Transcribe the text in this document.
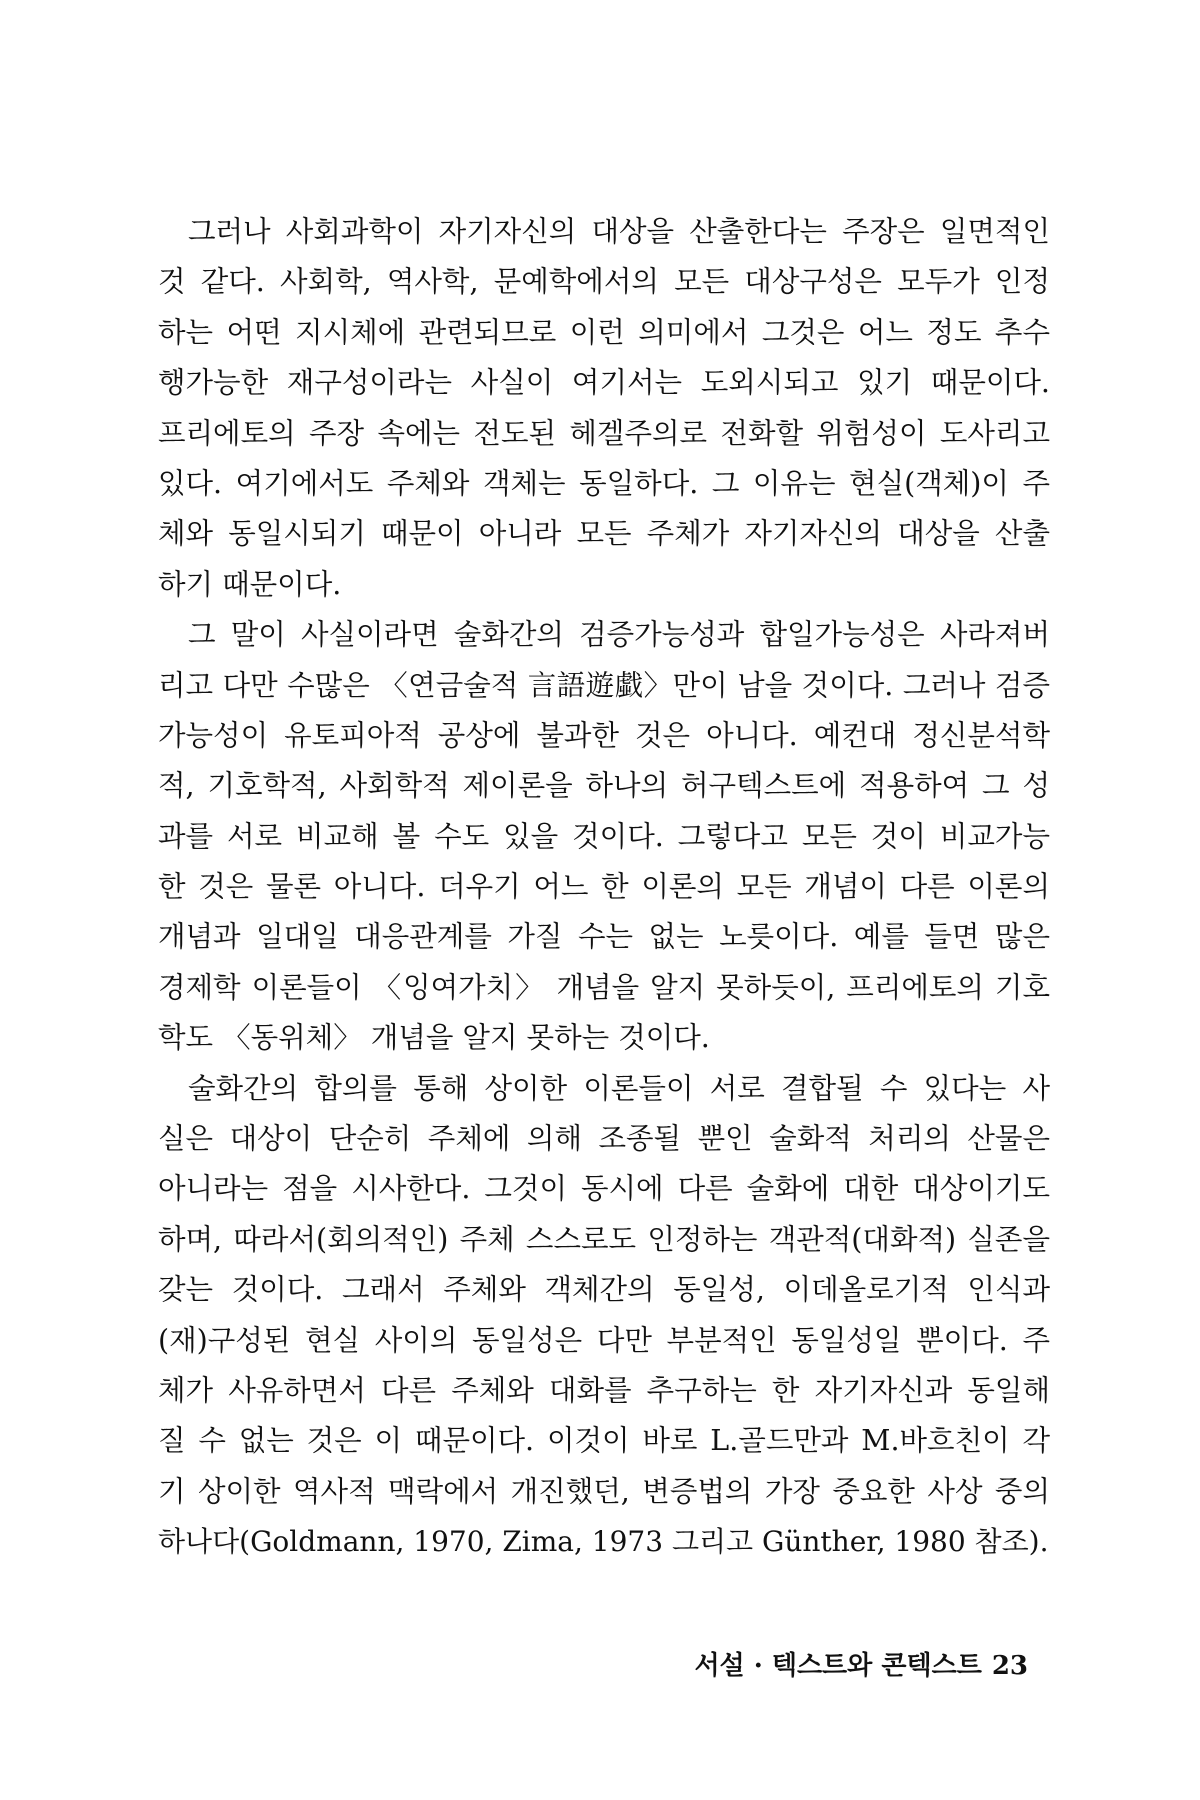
그러나 사회과학이 자기자신의 대상을 산출한다는 주장은 일면적인
것 같다. 사회학, 역사학, 문예학에서의 모든 대상구성은 모두가 인정
하는 어떤 지시체에 관련되므로 이런 의미에서 그것은 어느 정도 추수
행가능한 재구성이라는 사실이 여기서는 도외시되고 있기 때문이다.
프리에토의 주장 속에는 전도된 헤겔주의로 전화할 위험성이 도사리고
있다. 여기에서도 주체와 객체는 동일하다. 그 이유는 현실(객체)이 주
체와 동일시되기 때문이 아니라 모든 주체가 자기자신의 대상을 산출
하기 때문이다.
그 말이 사실이라면 술화간의 검증가능성과 합일가능성은 사라져버
리고 다만 수많은 〈연금술적 言語遊戱〉만이 남을 것이다. 그러나 검증
가능성이 유토피아적 공상에 불과한 것은 아니다. 예컨대 정신분석학
적, 기호학적, 사회학적 제이론을 하나의 허구텍스트에 적용하여 그 성
과를 서로 비교해 볼 수도 있을 것이다. 그렇다고 모든 것이 비교가능
한 것은 물론 아니다. 더우기 어느 한 이론의 모든 개념이 다른 이론의
개념과 일대일 대응관계를 가질 수는 없는 노릇이다. 예를 들면 많은
경제학 이론들이 〈잉여가치〉 개념을 알지 못하듯이, 프리에토의 기호
학도 〈동위체〉 개념을 알지 못하는 것이다.
술화간의 합의를 통해 상이한 이론들이 서로 결합될 수 있다는 사
실은 대상이 단순히 주체에 의해 조종될 뿐인 술화적 처리의 산물은
아니라는 점을 시사한다. 그것이 동시에 다른 술화에 대한 대상이기도
하며, 따라서(회의적인) 주체 스스로도 인정하는 객관적(대화적) 실존을
갖는 것이다. 그래서 주체와 객체간의 동일성, 이데올로기적 인식과
(재)구성된 현실 사이의 동일성은 다만 부분적인 동일성일 뿐이다. 주
체가 사유하면서 다른 주체와 대화를 추구하는 한 자기자신과 동일해
질 수 없는 것은 이 때문이다. 이것이 바로 L.골드만과 M.바흐친이 각
기 상이한 역사적 맥락에서 개진했던, 변증법의 가장 중요한 사상 중의
하나다(Goldmann, 1970, Zima, 1973 그리고 Günther, 1980 참조).
서설 · 텍스트와 콘텍스트 23
